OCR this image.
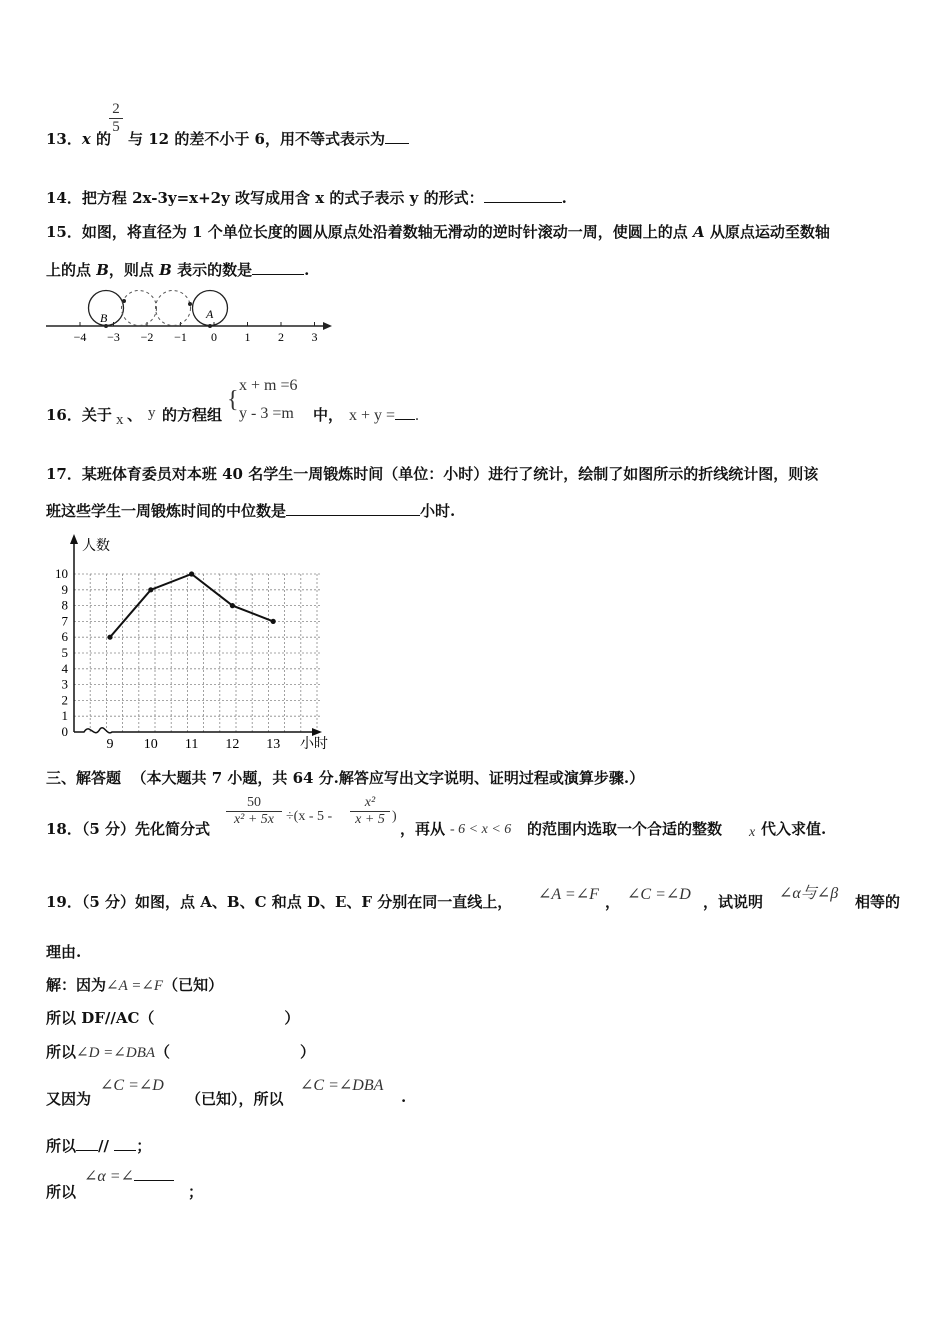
13．x 的
2
5
与 12 的差不小于 6，用不等式表示为
14．把方程 2x-3y=x+2y 改写成用含 x 的式子表示 y 的形式：	.
15．如图，将直径为 1 个单位长度的圆从原点处沿着数轴无滑动的逆时针滚动一周，使圆上的点 A 从原点运动至数轴
上的点 B，则点 B 表示的数是	.
−4 −3 −2 −1 0 1 2 3
B	A
16．关于 x 、 y 的方程组
{
x + m =6
y - 3 =m 中， x + y = .
17．某班体育委员对本班 40 名学生一周锻炼时间（单位：小时）进行了统计，绘制了如图所示的折线统计图，则该
班这些学生一周锻炼时间的中位数是	小时.
0
1
2
3
4
5
6
7
8
9
10
9 10 11 12 13
人数
小时
三、解答题 （本大题共 7 小题，共 64 分.解答应写出文字说明、证明过程或演算步骤.）
18．（5 分）先化简分式
50
x² + 5x ÷(x - 5 -
x²
x + 5 )
，再从 - 6 < x < 6 的范围内选取一个合适的整数 x 代入求值.
19．（5 分）如图，点 A、B、C 和点 D、E、F 分别在同一直线上， ∠A =∠F ， ∠C =∠D ，试说明 ∠α与∠β 相等的
理由.
解：因为∠A =∠F（已知）
所以 DF//AC（	）
所以∠D =∠DBA（	）
又因为
∠C =∠D
（已知），所以
∠C =∠DBA
.
所以 // ；
所以
∠α =∠
；
